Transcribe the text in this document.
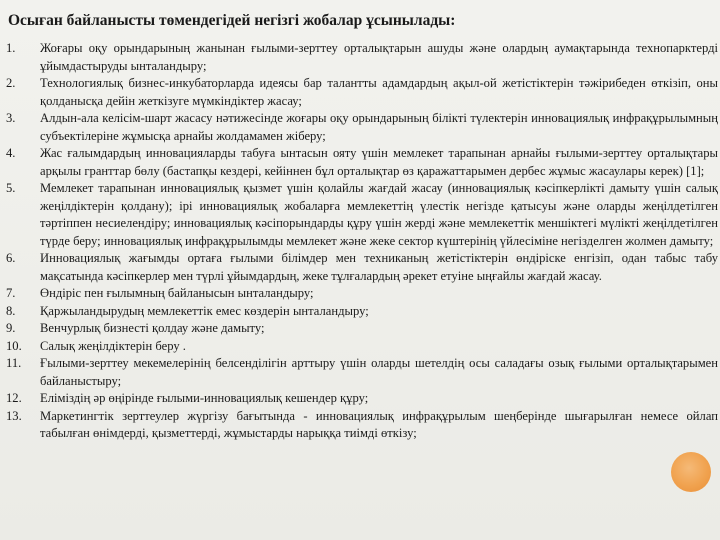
Осыған байланысты төмендегідей негізгі жобалар ұсынылады:
1.	Жоғары оқу орындарының жанынан ғылыми-зерттеу орталықтарын ашуды және олардың аумақтарында технопарктерді ұйымдастыруды ынталандыру;
2.	Технологиялық бизнес-инкубаторларда идеясы бар талантты адамдардың ақыл-ой жетістіктерін тәжірибеден өткізіп, оны қолданысқа дейін жеткізуге мүмкіндіктер жасау;
3.	Алдын-ала келісім-шарт жасасу нәтижесінде жоғары оқу орындарының білікті түлектерін инновациялық инфрақұрылымның субъектілеріне жұмысқа арнайы жолдамамен жіберу;
4.	Жас ғалымдардың инновацияларды табуға ынтасын ояту үшін мемлекет тарапынан арнайы ғылыми-зерттеу орталықтары арқылы гранттар бөлу (бастапқы кездері, кейіннен бұл орталықтар өз қаражаттарымен дербес жұмыс жасаулары керек) [1];
5.	Мемлекет тарапынан инновациялық қызмет үшін қолайлы жағдай жасау (инновациялық кәсіпкерлікті дамыту үшін салық жеңілдіктерін қолдану); ірі инновациялық жобаларға мемлекеттің үлестік негізде қатысуы және оларды жеңілдетілген тәртіппен несиелендіру; инновациялық кәсіпорындарды құру үшін жерді және мемлекеттік меншіктегі мүлікті жеңілдетілген түрде беру; инновациялық инфрақұрылымды мемлекет және жеке сектор күштерінің үйлесіміне негізделген жолмен дамыту;
6.	Инновациялық жағымды ортаға ғылыми білімдер мен техниканың жетістіктерін өндіріске енгізіп, одан табыс табу мақсатында кәсіпкерлер мен түрлі ұйымдардың, жеке тұлғалардың әрекет етуіне ыңғайлы жағдай жасау.
7.	Өндіріс пен ғылымның байланысын ынталандыру;
8.	Қаржыландырудың мемлекеттік емес көздерін ынталандыру;
9.	Венчурлық бизнесті қолдау және дамыту;
10.	Салық жеңілдіктерін беру .
11.	Ғылыми-зерттеу мекемелерінің белсенділігін арттыру үшін оларды шетелдің осы саладағы озық ғылыми орталықтарымен байланыстыру;
12.	Еліміздің әр өңірінде ғылыми-инновациялық кешендер құру;
13.	Маркетингтік зерттеулер жүргізу бағытында - инновациялық инфрақұрылым шеңберінде шығарылған немесе ойлап табылған өнімдерді, қызметтерді, жұмыстарды нарыққа тиімді өткізу;
